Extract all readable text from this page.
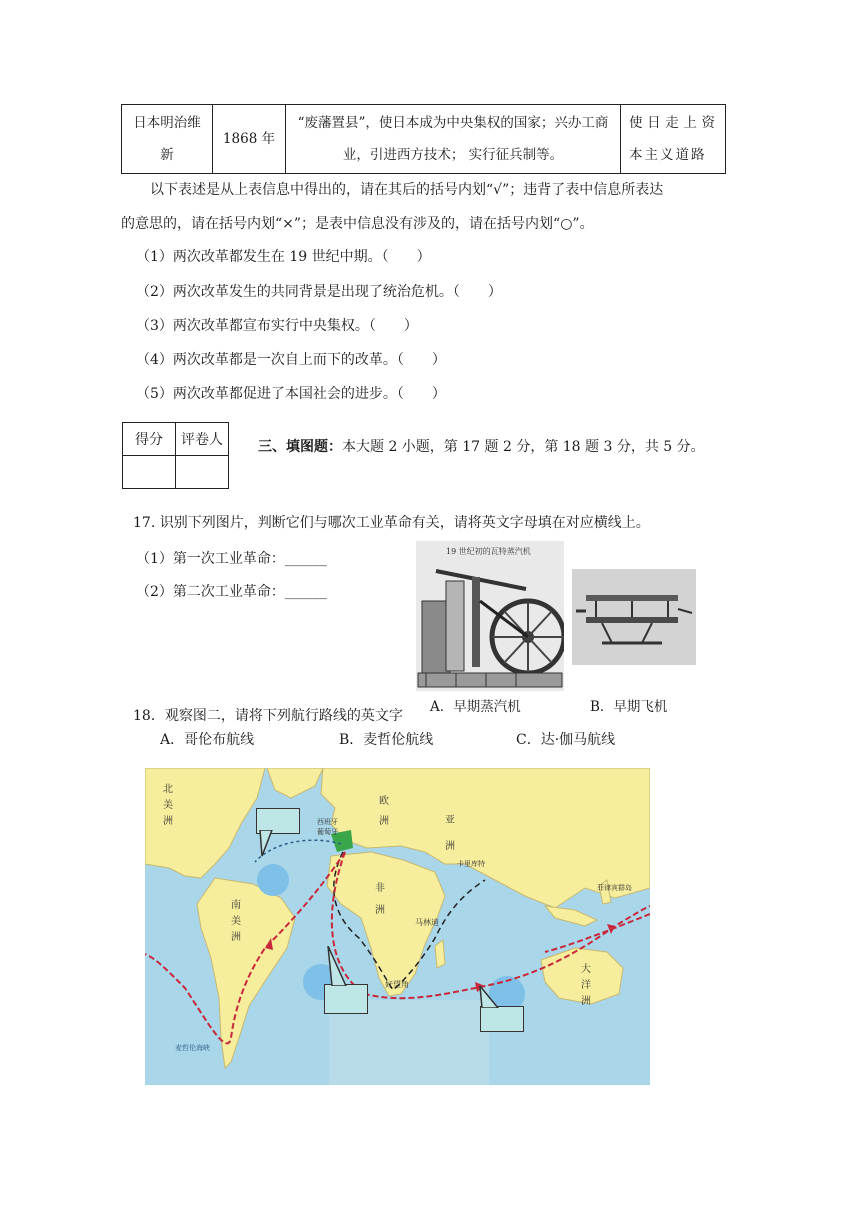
日本明治维新	1868 年	“废藩置县”，使日本成为中央集权的国家；兴办工商业，引进西方技术； 实行征兵制等。	使日走上资本主义道路
以下表述是从上表信息中得出的，请在其后的括号内划“√”；违背了表中信息所表达
的意思的，请在括号内划“×”；是表中信息没有涉及的，请在括号内划“○”。
（1）两次改革都发生在 19 世纪中期。（　　）
（2）两次改革发生的共同背景是出现了统治危机。（　　）
（3）两次改革都宣布实行中央集权。（　　）
（4）两次改革都是一次自上而下的改革。（　　）
（5）两次改革都促进了本国社会的进步。（　　）
得分	评卷人
		三、填图题：本大题 2 小题，第 17 题 2 分，第 18 题 3 分，共 5 分。
17. 识别下列图片，判断它们与哪次工业革命有关，请将英文字母填在对应横线上。
（1）第一次工业革命：______
（2）第二次工业革命：______
19 世纪初的瓦特蒸汽机
A．早期蒸汽机	B．早期飞机
18．观察图二，请将下列航行路线的英文字
A．哥伦布航线	B．麦哲伦航线	C．达·伽马航线
北美洲
南美洲
非洲
欧洲	亚洲
大洋洲
西班牙
葡萄牙
卡里库特
马林迪
好望角
菲律宾群岛
麦哲伦海峡
